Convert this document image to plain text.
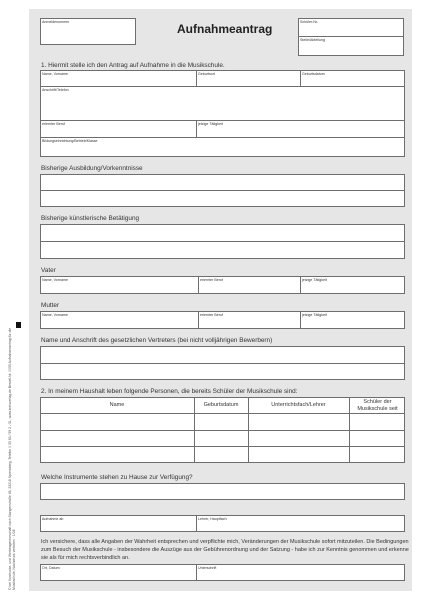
Anmeldenummer	Aufnahmeantrag	Schüler-Nr.
Stelle/Abteilung
1. Hiermit stelle ich den Antrag auf Aufnahme in die Musikschule.
Name, Vorname	Geburtsort	Geburtsdatum
Anschrift/Telefon
erlernter Beruf	jetzige Tätigkeit
Bildungseinrichtung/Betrieb/Klasse
Bisherige Ausbildung/Vorkenntnisse
Bisherige künstlerische Betätigung
Vater
Name, Vorname	erlernter Beruf	jetzige Tätigkeit
Mutter
Name, Vorname	erlernter Beruf	jetzige Tätigkeit
Name und Anschrift des gesetzlichen Vertreters (bei nicht volljährigen Bewerbern)
2. In meinem Haushalt leben folgende Personen, die bereits Schüler der Musikschule sind:
Name	Geburtsdatum	Unterrichtsfach/Lehrer	Schüler der Musikschule seit
Welche Instrumente stehen zu Hause zur Verfügung?
Aufnahme ab	Lehrer, Hauptfach
Ich versichere, dass alle Angaben der Wahrheit entsprechen und verpflichte mich, Veränderungen der Musikschule sofort mitzuteilen. Die Bedingungen zum Besuch der Musikschule - insbesondere die Auszüge aus der Gebührenordnung und der Satzung - habe ich zur Kenntnis genommen und erkenne sie als für mich rechtsverbindlich an.
Ort, Datum	Unterschrift
© bei Vordrucke- und Werbeagenturschaft nach Stangenstraße 45, 23218 Spremberg, Telefon 0 35 63 / 59 2 - 31, www.kreisverlag.de Bestell-Nr. 0055 Aufnahmeantrag für die Musikschule, Nachdruck verboten · 1/08
